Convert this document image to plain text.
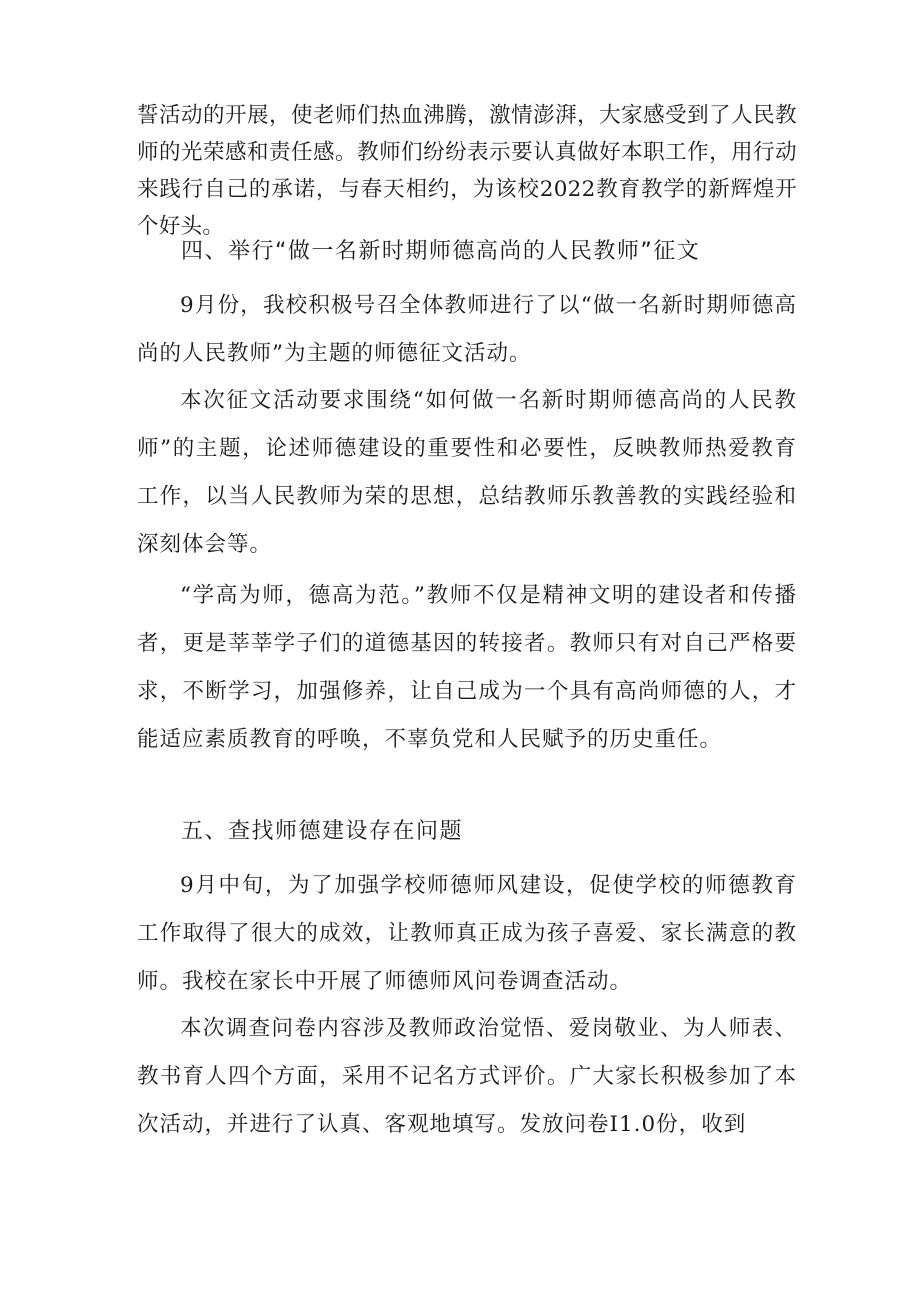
誓活动的开展，使老师们热血沸腾，激情澎湃，大家感受到了人民教师的光荣感和责任感。教师们纷纷表示要认真做好本职工作，用行动来践行自己的承诺，与春天相约，为该校2022教育教学的新辉煌开个好头。

四、举行“做一名新时期师德高尚的人民教师”征文

9月份，我校积极号召全体教师进行了以“做一名新时期师德高尚的人民教师”为主题的师德征文活动。

本次征文活动要求围绕“如何做一名新时期师德高尚的人民教师”的主题，论述师德建设的重要性和必要性，反映教师热爱教育工作，以当人民教师为荣的思想，总结教师乐教善教的实践经验和深刻体会等。

“学高为师，德高为范。”教师不仅是精神文明的建设者和传播者，更是莘莘学子们的道德基因的转接者。教师只有对自己严格要求，不断学习，加强修养，让自己成为一个具有高尚师德的人，才能适应素质教育的呼唤，不辜负党和人民赋予的历史重任。

五、查找师德建设存在问题

9月中旬，为了加强学校师德师风建设，促使学校的师德教育工作取得了很大的成效，让教师真正成为孩子喜爱、家长满意的教师。我校在家长中开展了师德师风问卷调查活动。

本次调查问卷内容涉及教师政治觉悟、爱岗敬业、为人师表、教书育人四个方面，采用不记名方式评价。广大家长积极参加了本次活动，并进行了认真、客观地填写。发放问卷I1.0份，收到
